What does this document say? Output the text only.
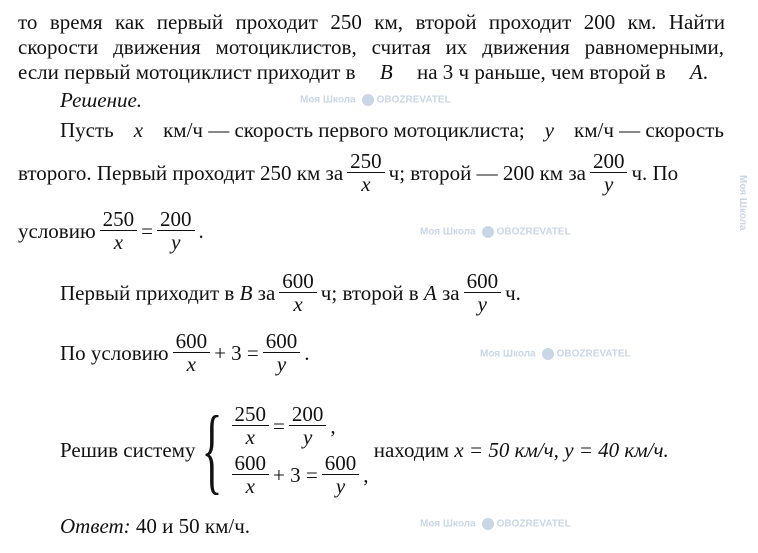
Моя Школа OBOZREVATEL
Моя Школа OBOZREVATEL
Моя Школа OBOZREVATEL
Моя Школа OBOZREVATEL
Моя Школа
то время как первый проходит 250 км, второй проходит 200 км. Найти
скорости движения мотоциклистов, считая их движения равномерными,
если первый мотоциклист приходит в B на 3 ч раньше, чем второй в A.
Решение.
Пусть x км/ч — скорость первого мотоциклиста; y км/ч — скорость
второго. Первый проходит 250 км за $\frac{250}{x} ч$; второй — 200 км за $\frac{200}{y} ч$. По
условию $\frac{250}{x} = \frac{200}{y}$ .
Первый приходит в
B
за $\frac{600}{x} ч$; второй в
A
за $\frac{600}{y} ч$.
По условию $\frac{600}{x} + 3 = \frac{600}{y}$ .
Решив систему { $\frac{250}{x} = \frac{200}{y}$ ,
$\frac{600}{x} + 3 = \frac{600}{y}$ ,

находим
x = 50 км/ч,
y = 40 км/ч.
Ответ: 40 и 50 км/ч.
